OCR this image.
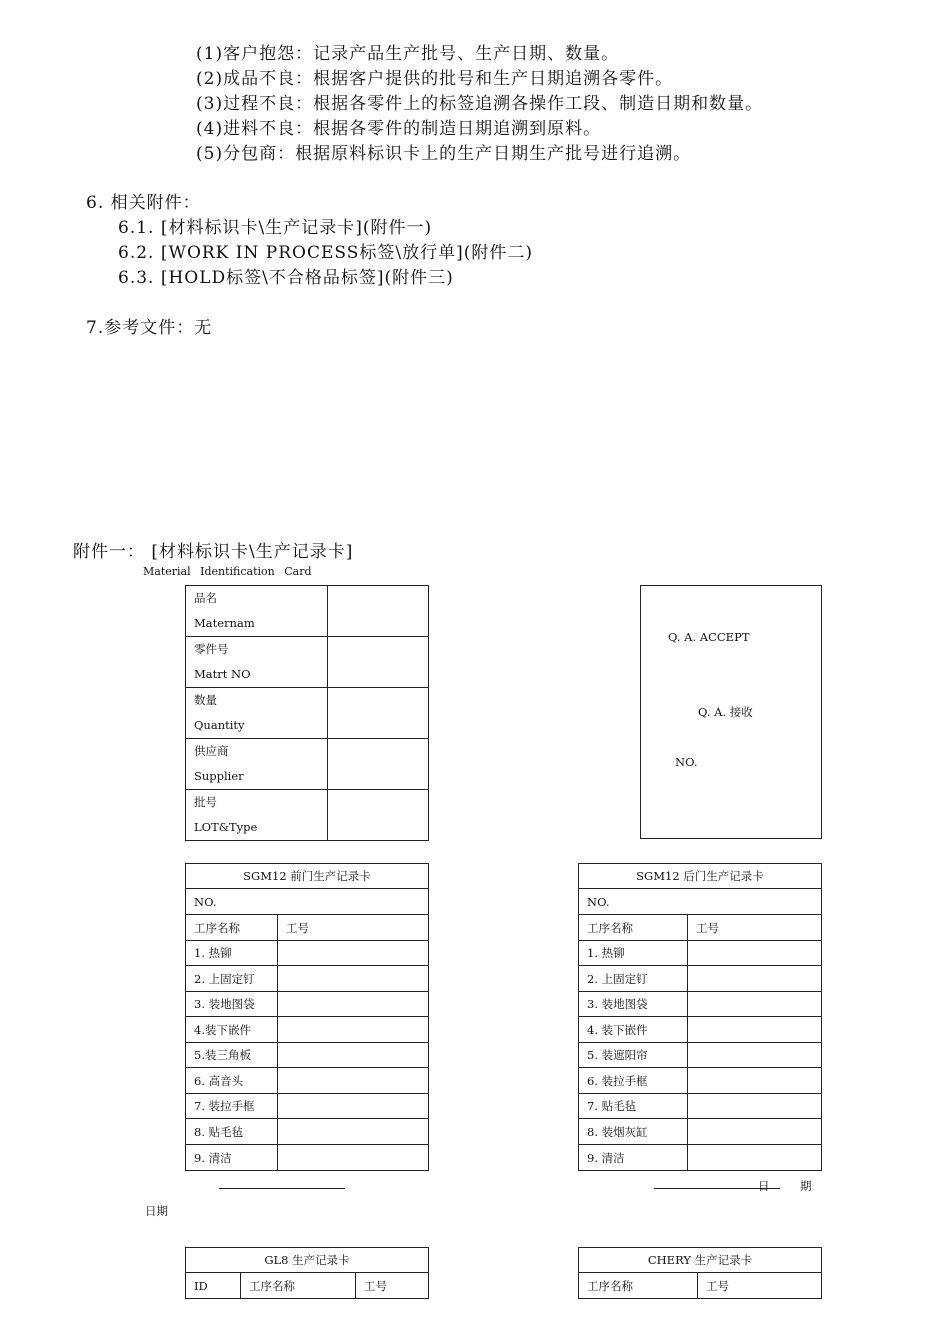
(1)客户抱怨：记录产品生产批号、生产日期、数量。
(2)成品不良：根据客户提供的批号和生产日期追溯各零件。
(3)过程不良：根据各零件上的标签追溯各操作工段、制造日期和数量。
(4)进料不良：根据各零件的制造日期追溯到原料。
(5)分包商：根据原料标识卡上的生产日期生产批号进行追溯。
6. 相关附件：
6.1. [材料标识卡\生产记录卡](附件一)
6.2. [WORK IN PROCESS标签\放行单](附件二)
6.3. [HOLD标签\不合格品标签](附件三)
7.参考文件：无
附件一： [材料标识卡\生产记录卡]
Material Identification Card
品名
Maternam	
零件号
Matrt NO	
数量
Quantity	
供应商
Supplier	
批号
LOT&Type	
Q. A. ACCEPT
Q. A. 接收
NO.
SGM12 前门生产记录卡	
NO.	
工序名称	工号
1. 热铆	
2. 上固定钉	
3. 装地图袋	
4.装下嵌件	
5.装三角板	
6. 高音头	
7. 装拉手框	
8. 贴毛毡	
9. 清洁	
SGM12 后门生产记录卡	
NO.	
工序名称	工号
1. 热铆	
2. 上固定钉	
3. 装地图袋	
4. 装下嵌件	
5. 装遮阳帘	
6. 装拉手框	
7. 贴毛毡	
8. 装烟灰缸	
9. 清洁	
日	期
日期
GL8 生产记录卡
ID	工序名称	工号
CHERY 生产记录卡
工序名称	工号
